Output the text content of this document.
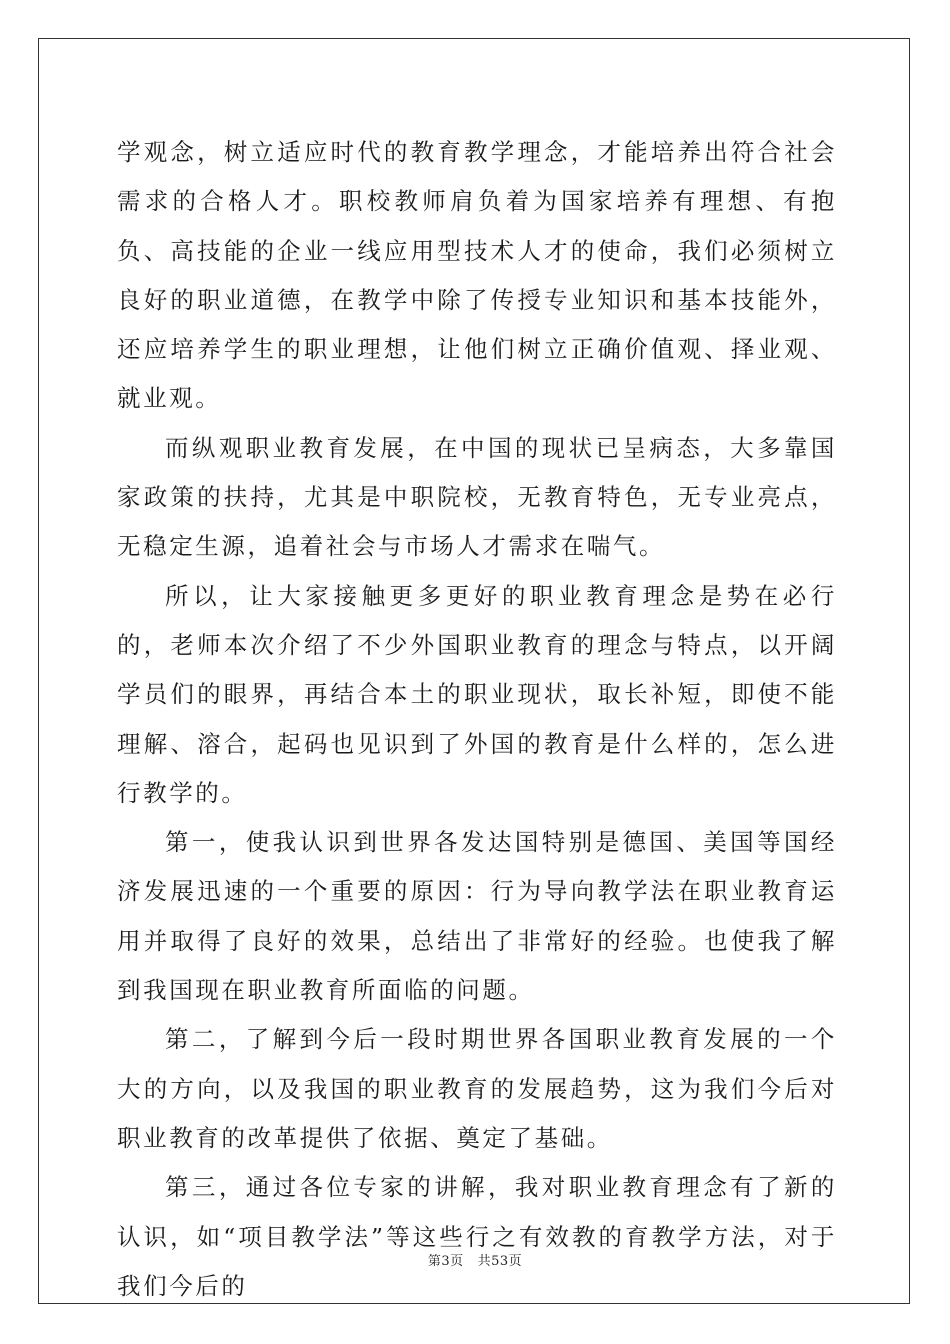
学观念，树立适应时代的教育教学理念，才能培养出符合社会需求的合格人才。职校教师肩负着为国家培养有理想、有抱负、高技能的企业一线应用型技术人才的使命，我们必须树立良好的职业道德，在教学中除了传授专业知识和基本技能外，还应培养学生的职业理想，让他们树立正确价值观、择业观、就业观。

而纵观职业教育发展，在中国的现状已呈病态，大多靠国家政策的扶持，尤其是中职院校，无教育特色，无专业亮点，无稳定生源，追着社会与市场人才需求在喘气。

所以，让大家接触更多更好的职业教育理念是势在必行的，老师本次介绍了不少外国职业教育的理念与特点，以开阔学员们的眼界，再结合本土的职业现状，取长补短，即使不能理解、溶合，起码也见识到了外国的教育是什么样的，怎么进行教学的。

第一，使我认识到世界各发达国特别是德国、美国等国经济发展迅速的一个重要的原因：行为导向教学法在职业教育运用并取得了良好的效果，总结出了非常好的经验。也使我了解到我国现在职业教育所面临的问题。

第二，了解到今后一段时期世界各国职业教育发展的一个大的方向，以及我国的职业教育的发展趋势，这为我们今后对职业教育的改革提供了依据、奠定了基础。

第三，通过各位专家的讲解，我对职业教育理念有了新的认识，如“项目教学法”等这些行之有效教的育教学方法，对于我们今后的

第3页 共53页
